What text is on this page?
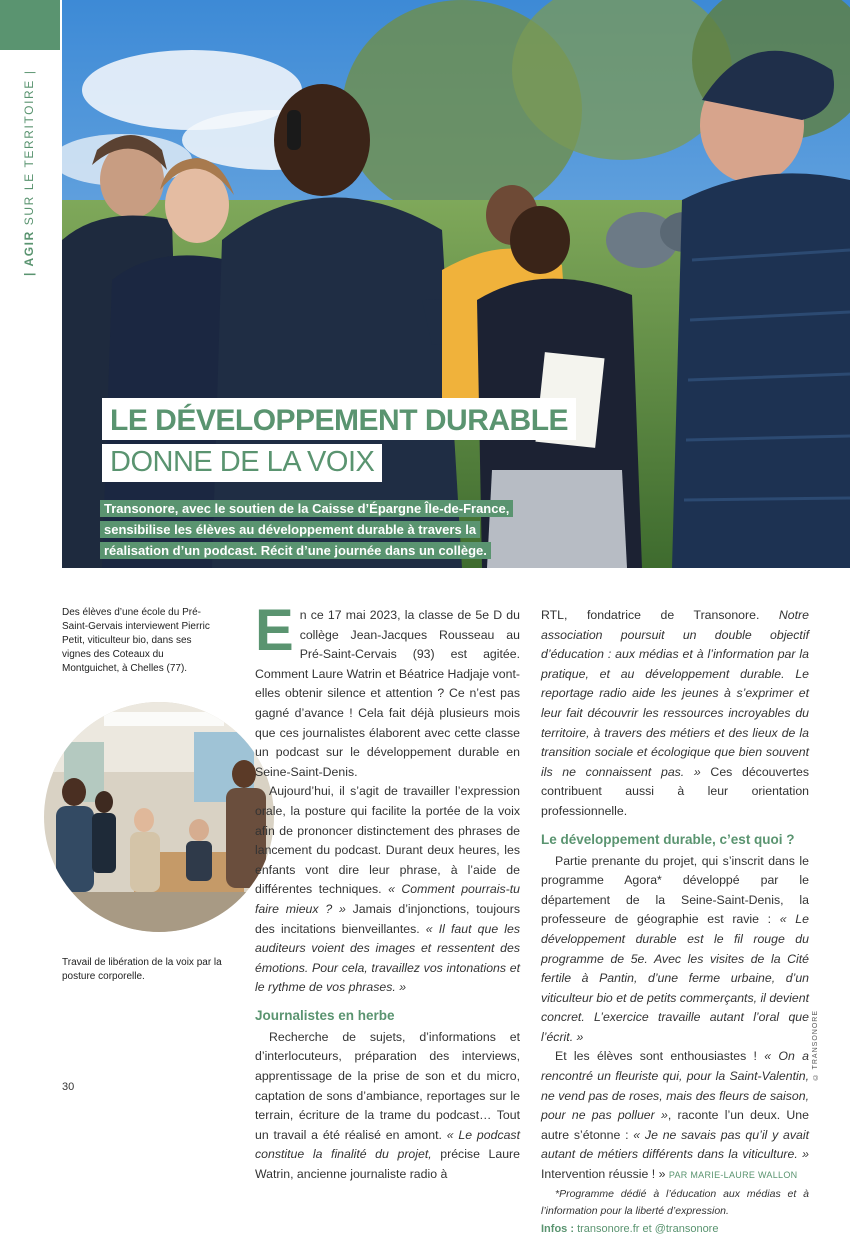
| AGIR SUR LE TERRITOIRE |
LE DÉVELOPPEMENT DURABLE
DONNE DE LA VOIX
Transonore, avec le soutien de la Caisse d’Épargne Île-de-France, sensibilise les élèves au développement durable à travers la réalisation d’un podcast. Récit d’une journée dans un collège.
Des élèves d’une école du Pré-Saint-Gervais interviewent Pierric Petit, viticulteur bio, dans ses vignes des Coteaux du Montguichet, à Chelles (77).
Travail de libération de la voix par la posture corporelle.

En ce 17 mai 2023, la classe de 5e D du collège Jean-Jacques Rousseau au Pré-Saint-Cervais (93) est agitée. Comment Laure Watrin et Béatrice Hadjaje vont-elles obtenir silence et attention ? Ce n’est pas gagné d’avance ! Cela fait déjà plusieurs mois que ces journalistes élaborent avec cette classe un podcast sur le développement durable en Seine-Saint-Denis.

Aujourd’hui, il s’agit de travailler l’expression orale, la posture qui facilite la portée de la voix afin de prononcer distinctement des phrases de lancement du podcast. Durant deux heures, les enfants vont dire leur phrase, à l’aide de différentes techniques. « Comment pourrais-tu faire mieux ? » Jamais d’injonctions, toujours des incitations bienveillantes. « Il faut que les auditeurs voient des images et ressentent des émotions. Pour cela, travaillez vos intonations et le rythme de vos phrases. »

Journalistes en herbe

Recherche de sujets, d’informations et d’interlocuteurs, préparation des interviews, apprentissage de la prise de son et du micro, captation de sons d’ambiance, reportages sur le terrain, écriture de la trame du podcast… Tout un travail a été réalisé en amont. « Le podcast constitue la finalité du projet, précise Laure Watrin, ancienne journaliste radio à

RTL, fondatrice de Transonore. Notre association poursuit un double objectif d’éducation : aux médias et à l’information par la pratique, et au développement durable. Le reportage radio aide les jeunes à s’exprimer et leur fait découvrir les ressources incroyables du territoire, à travers des métiers et des lieux de la transition sociale et écologique que bien souvent ils ne connaissent pas. » Ces découvertes contribuent aussi à leur orientation professionnelle.

Le développement durable, c’est quoi ?

Partie prenante du projet, qui s’inscrit dans le programme Agora* développé par le département de la Seine-Saint-Denis, la professeure de géographie est ravie : « Le développement durable est le fil rouge du programme de 5e. Avec les visites de la Cité fertile à Pantin, d’une ferme urbaine, d’un viticulteur bio et de petits commerçants, il devient concret. L’exercice travaille autant l’oral que l’écrit. »

Et les élèves sont enthousiastes ! « On a rencontré un fleuriste qui, pour la Saint-Valentin, ne vend pas de roses, mais des fleurs de saison, pour ne pas polluer », raconte l’un deux. Une autre s’étonne : « Je ne savais pas qu’il y avait autant de métiers différents dans la viticulture. » Intervention réussie ! » PAR MARIE-LAURE WALLON

*Programme dédié à l’éducation aux médias et à l’information pour la liberté d’expression.

Infos : transonore.fr et @transonore

© TRANSONORE
30
